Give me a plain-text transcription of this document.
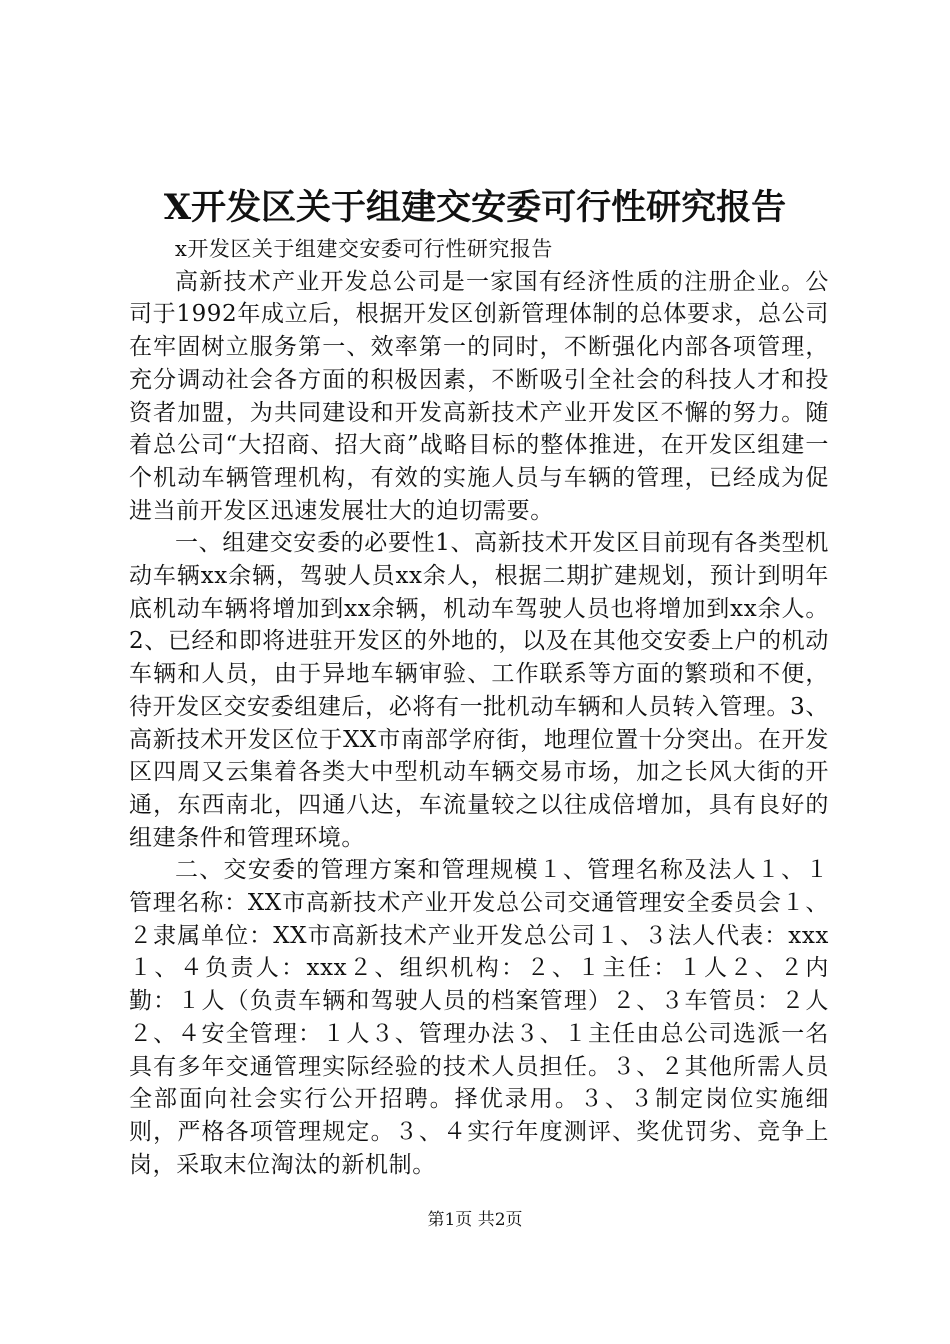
X开发区关于组建交安委可行性研究报告

x开发区关于组建交安委可行性研究报告

高新技术产业开发总公司是一家国有经济性质的注册企业。公司于1992年成立后，根据开发区创新管理体制的总体要求，总公司在牢固树立服务第一、效率第一的同时，不断强化内部各项管理，充分调动社会各方面的积极因素，不断吸引全社会的科技人才和投资者加盟，为共同建设和开发高新技术产业开发区不懈的努力。随着总公司“大招商、招大商”战略目标的整体推进，在开发区组建一个机动车辆管理机构，有效的实施人员与车辆的管理，已经成为促进当前开发区迅速发展壮大的迫切需要。

一、组建交安委的必要性1、高新技术开发区目前现有各类型机动车辆xx余辆，驾驶人员xx余人，根据二期扩建规划，预计到明年底机动车辆将增加到xx余辆，机动车驾驶人员也将增加到xx余人。2、已经和即将进驻开发区的外地的，以及在其他交安委上户的机动车辆和人员，由于异地车辆审验、工作联系等方面的繁琐和不便，待开发区交安委组建后，必将有一批机动车辆和人员转入管理。3、高新技术开发区位于XX市南部学府街，地理位置十分突出。在开发区四周又云集着各类大中型机动车辆交易市场，加之长风大街的开通，东西南北，四通八达，车流量较之以往成倍增加，具有良好的组建条件和管理环境。

二、交安委的管理方案和管理规模１、管理名称及法人１、１管理名称：XX市高新技术产业开发总公司交通管理安全委员会１、２隶属单位：XX市高新技术产业开发总公司１、３法人代表：xxx１、４负责人：xxx２、组织机构：２、１主任：１人２、２内勤：１人（负责车辆和驾驶人员的档案管理）２、３车管员：２人２、４安全管理：１人３、管理办法３、１主任由总公司选派一名具有多年交通管理实际经验的技术人员担任。３、２其他所需人员全部面向社会实行公开招聘。择优录用。３、３制定岗位实施细则，严格各项管理规定。３、４实行年度测评、奖优罚劣、竞争上岗，采取末位淘汰的新机制。

第1页 共2页
